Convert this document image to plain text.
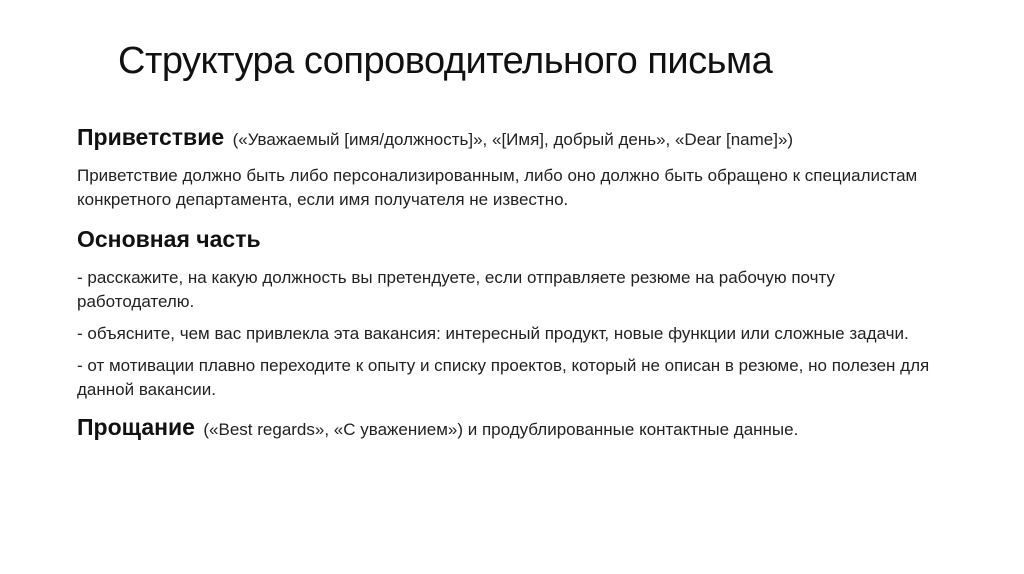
Структура сопроводительного письма
Приветствие («Уважаемый [имя/должность]», «[Имя], добрый день», «Dear [name]»)
Приветствие должно быть либо персонализированным, либо оно должно быть обращено к специалистам конкретного департамента, если имя получателя не известно.
Основная часть
- расскажите, на какую должность вы претендуете, если отправляете резюме на рабочую почту работодателю.
- объясните, чем вас привлекла эта вакансия: интересный продукт, новые функции или сложные задачи.
- от мотивации плавно переходите к опыту и списку проектов, который не описан в резюме, но полезен для данной вакансии.
Прощание («Best regards», «С уважением») и продублированные контактные данные.
